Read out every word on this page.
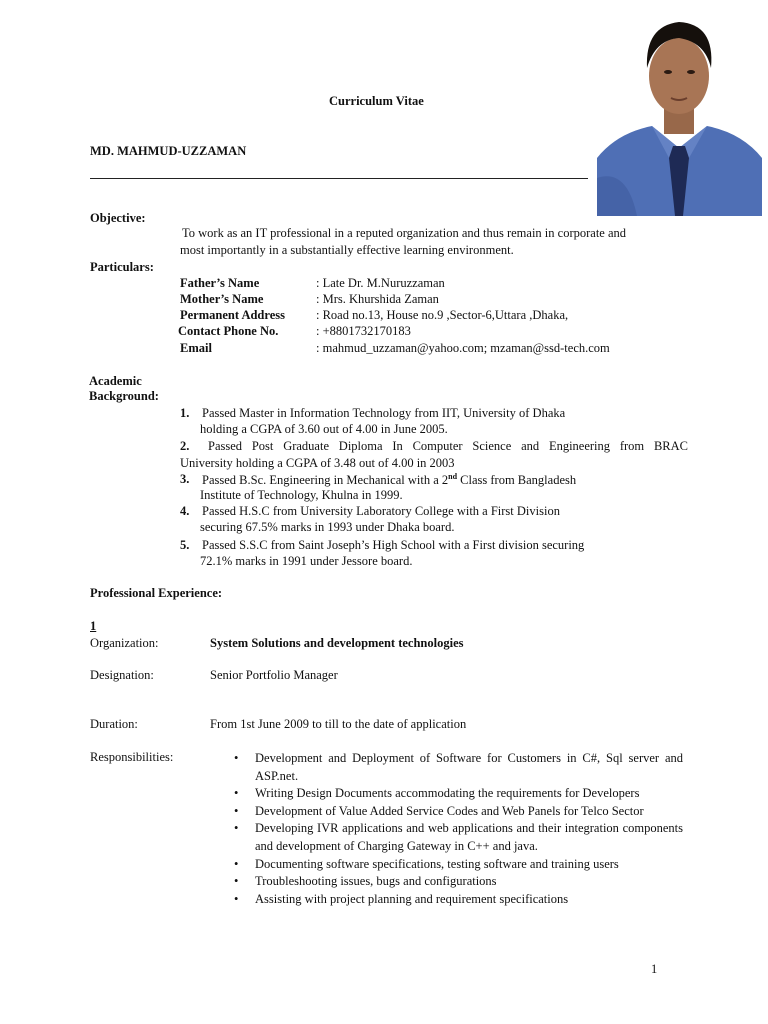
Curriculum Vitae
MD. MAHMUD-UZZAMAN
Objective:
To work as an IT professional in a reputed organization and thus remain in corporate and
most importantly in a substantially effective learning environment.
Particulars:
Father’s Name	: Late Dr. M.Nuruzzaman
Mother’s Name	: Mrs. Khurshida Zaman
Permanent Address : Road no.13, House no.9 ,Sector-6,Uttara ,Dhaka,
Contact Phone No.	: +8801732170183
Email	: mahmud_uzzaman@yahoo.com; mzaman@ssd-tech.com
Academic
Background:
1. Passed Master in Information Technology from IIT, University of Dhaka
holding a CGPA of 3.60 out of 4.00 in June 2005.
2. Passed Post Graduate Diploma In Computer Science and Engineering from BRAC
University holding a CGPA of 3.48 out of 4.00 in 2003
3. Passed B.Sc. Engineering in Mechanical with a 2nd Class from Bangladesh
Institute of Technology, Khulna in 1999.
4. Passed H.S.C from University Laboratory College with a First Division
securing 67.5% marks in 1993 under Dhaka board.
5. Passed S.S.C from Saint Joseph’s High School with a First division securing
72.1% marks in 1991 under Jessore board.
Professional Experience:
1
Organization:	System Solutions and development technologies
Designation:	Senior Portfolio Manager
Duration:	From 1st June 2009 to till to the date of application
Responsibilities:	• Development and Deployment of Software for Customers in C#, Sql server and ASP.net.
• Writing Design Documents accommodating the requirements for Developers
• Development of Value Added Service Codes and Web Panels for Telco Sector
• Developing IVR applications and web applications and their integration components and development of Charging Gateway in C++ and java.
• Documenting software specifications, testing software and training users
• Troubleshooting issues, bugs and configurations
• Assisting with project planning and requirement specifications
1
